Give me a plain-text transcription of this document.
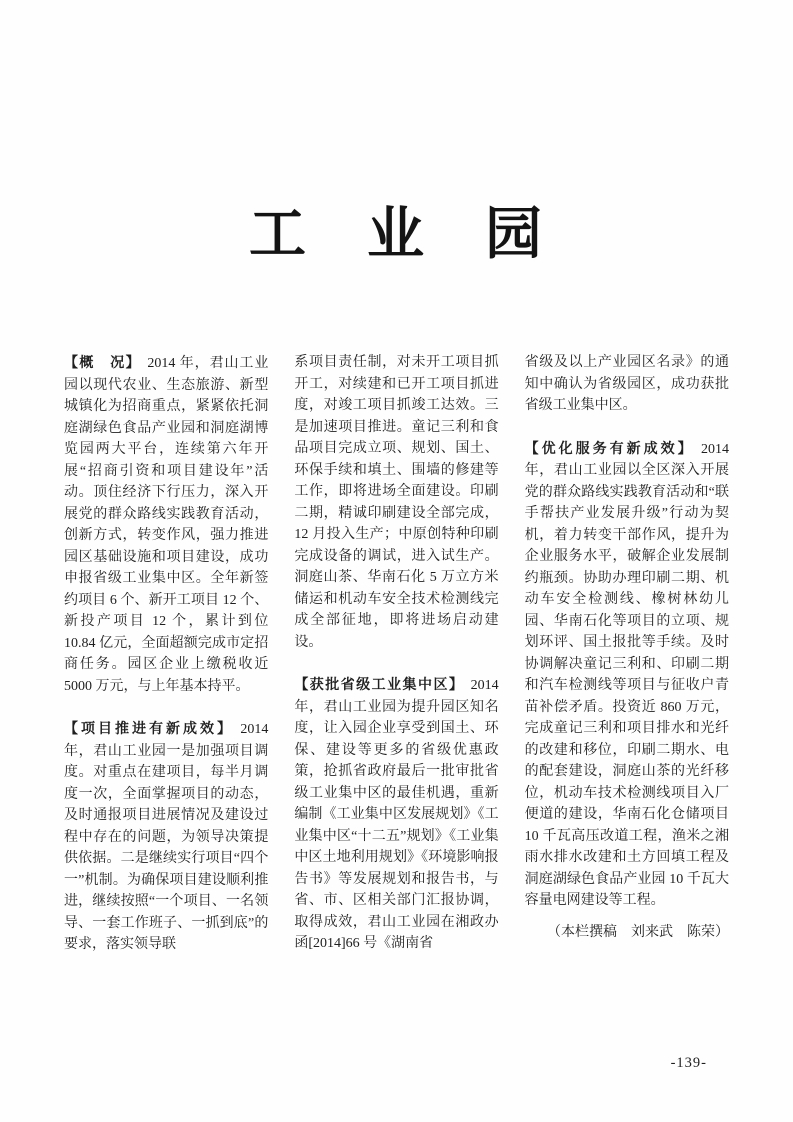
工　业　园

【概　况】 2014 年，君山工业园以现代农业、生态旅游、新型城镇化为招商重点，紧紧依托洞庭湖绿色食品产业园和洞庭湖博览园两大平台，连续第六年开展“招商引资和项目建设年”活动。顶住经济下行压力，深入开展党的群众路线实践教育活动，创新方式，转变作风，强力推进园区基础设施和项目建设，成功申报省级工业集中区。全年新签约项目 6 个、新开工项目 12 个、新投产项目 12 个，累计到位 10.84 亿元，全面超额完成市定招商任务。园区企业上缴税收近 5000 万元，与上年基本持平。

【项目推进有新成效】 2014 年，君山工业园一是加强项目调度。对重点在建项目，每半月调度一次，全面掌握项目的动态，及时通报项目进展情况及建设过程中存在的问题，为领导决策提供依据。二是继续实行项目“四个一”机制。为确保项目建设顺利推进，继续按照“一个项目、一名领导、一套工作班子、一抓到底”的要求，落实领导联

系项目责任制，对未开工项目抓开工，对续建和已开工项目抓进度，对竣工项目抓竣工达效。三是加速项目推进。童记三利和食品项目完成立项、规划、国土、环保手续和填土、围墙的修建等工作，即将进场全面建设。印刷二期，精诚印刷建设全部完成，12 月投入生产；中原创特种印刷完成设备的调试，进入试生产。洞庭山茶、华南石化 5 万立方米储运和机动车安全技术检测线完成全部征地，即将进场启动建设。

【获批省级工业集中区】 2014 年，君山工业园为提升园区知名度，让入园企业享受到国土、环保、建设等更多的省级优惠政策，抢抓省政府最后一批审批省级工业集中区的最佳机遇，重新编制《工业集中区发展规划》《工业集中区“十二五”规划》《工业集中区土地利用规划》《环境影响报告书》等发展规划和报告书，与省、市、区相关部门汇报协调，取得成效，君山工业园在湘政办函[2014]66 号《湖南省

省级及以上产业园区名录》的通知中确认为省级园区，成功获批省级工业集中区。

【优化服务有新成效】 2014 年，君山工业园以全区深入开展党的群众路线实践教育活动和“联手帮扶产业发展升级”行动为契机，着力转变干部作风，提升为企业服务水平，破解企业发展制约瓶颈。协助办理印刷二期、机动车安全检测线、橡树林幼儿园、华南石化等项目的立项、规划环评、国土报批等手续。及时协调解决童记三利和、印刷二期和汽车检测线等项目与征收户青苗补偿矛盾。投资近 860 万元，完成童记三利和项目排水和光纤的改建和移位，印刷二期水、电的配套建设，洞庭山茶的光纤移位，机动车技术检测线项目入厂便道的建设，华南石化仓储项目 10 千瓦高压改道工程，渔米之湘雨水排水改建和土方回填工程及洞庭湖绿色食品产业园 10 千瓦大容量电网建设等工程。

（本栏撰稿　刘来武　陈荣）

-139-
